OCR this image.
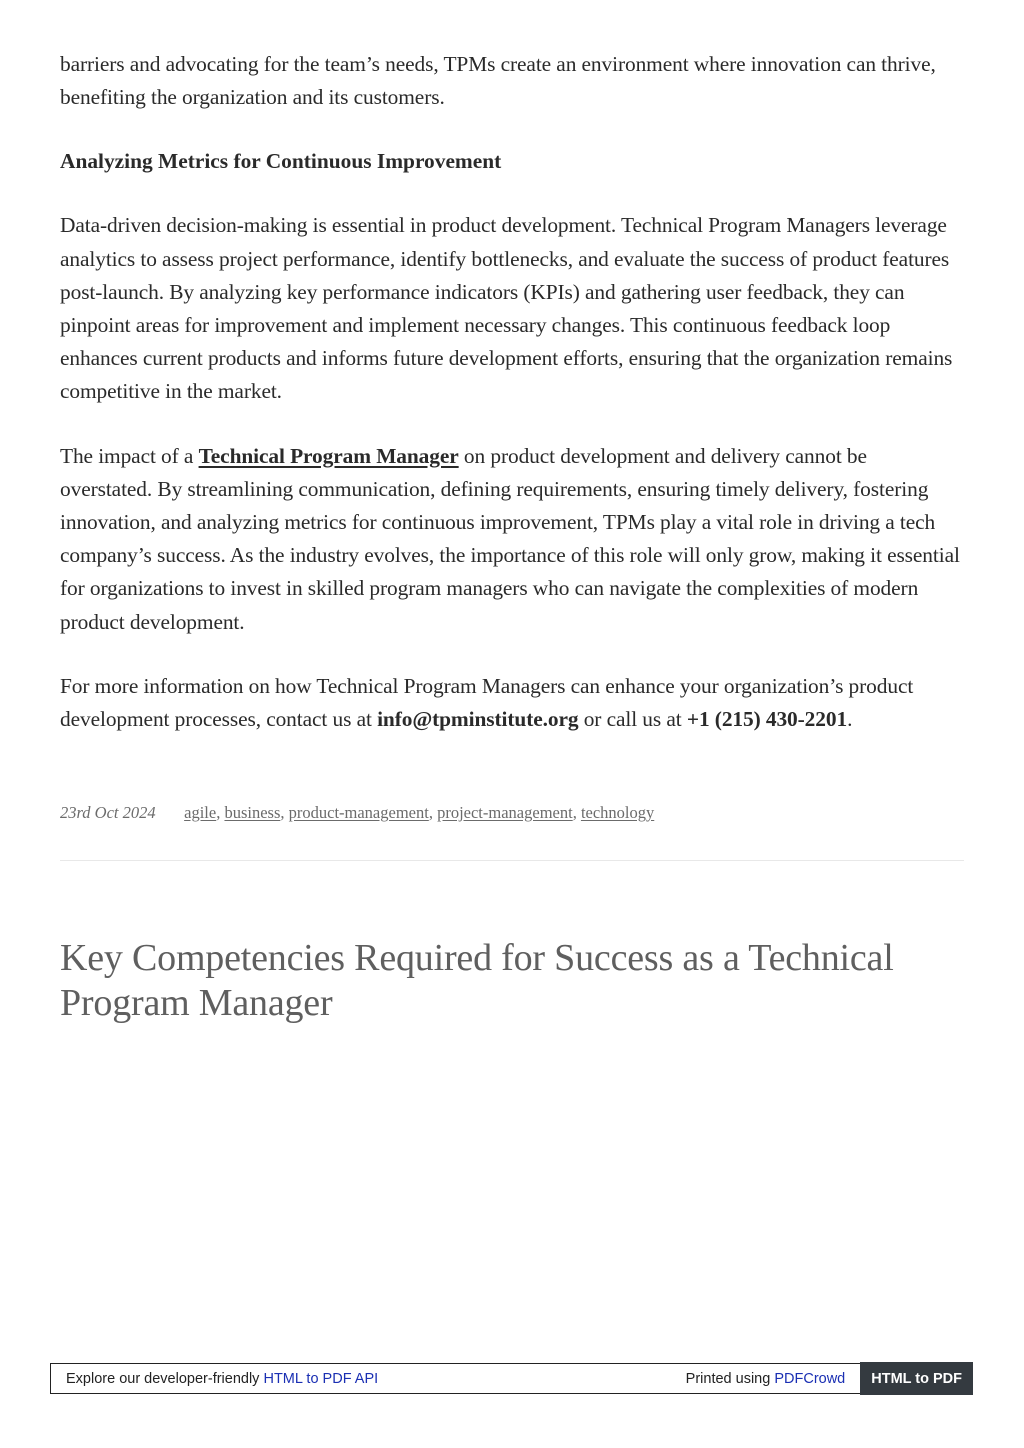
barriers and advocating for the team’s needs, TPMs create an environment where innovation can thrive, benefiting the organization and its customers.

Analyzing Metrics for Continuous Improvement

Data-driven decision-making is essential in product development. Technical Program Managers leverage analytics to assess project performance, identify bottlenecks, and evaluate the success of product features post-launch. By analyzing key performance indicators (KPIs) and gathering user feedback, they can pinpoint areas for improvement and implement necessary changes. This continuous feedback loop enhances current products and informs future development efforts, ensuring that the organization remains competitive in the market.

The impact of a Technical Program Manager on product development and delivery cannot be overstated. By streamlining communication, defining requirements, ensuring timely delivery, fostering innovation, and analyzing metrics for continuous improvement, TPMs play a vital role in driving a tech company’s success. As the industry evolves, the importance of this role will only grow, making it essential for organizations to invest in skilled program managers who can navigate the complexities of modern product development.

For more information on how Technical Program Managers can enhance your organization’s product development processes, contact us at info@tpminstitute.org or call us at +1 (215) 430-2201.

23rd Oct 2024 agile, business, product-management, project-management, technology
Key Competencies Required for Success as a Technical Program Manager
Explore our developer-friendly HTML to PDF API	Printed using PDFCrowd	HTML to PDF
